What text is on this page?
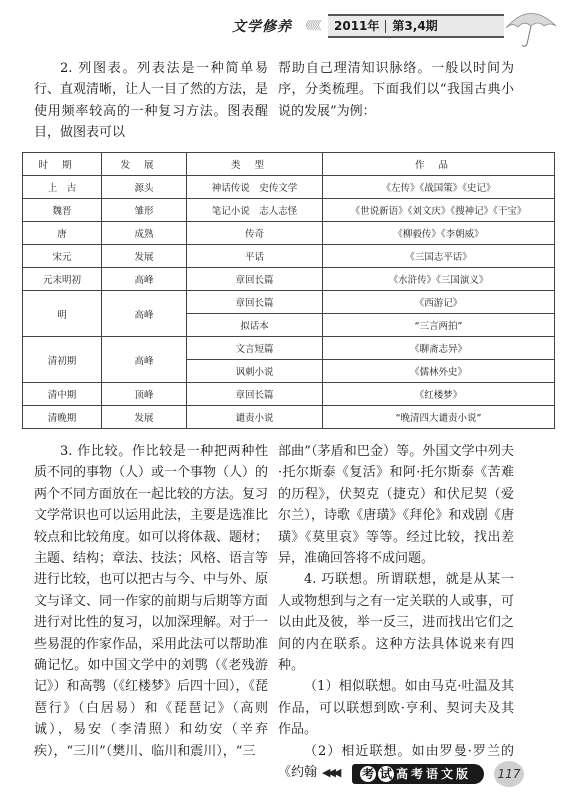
文学修养 《《《《	2011年 第3,4期

2. 列图表。列表法是一种简单易行、直观清晰，让人一目了然的方法，是使用频率较高的一种复习方法。图表醒目，做图表可以

帮助自己理清知识脉络。一般以时间为序，分类梳理。下面我们以“我国古典小说的发展”为例：

时期	发展	类型	作品
上　古	源头	神话传说　史传文学	《左传》《战国策》《史记》
魏晋	雏形	笔记小说　志人志怪	《世说新语》《刘文庆》《搜神记》《干宝》
唐	成熟	传奇	《柳毅传》《李朝威》
宋元	发展	平话	《三国志平话》
元末明初	高峰	章回长篇	《水浒传》《三国演义》
明	高峰	章回长篇	《西游记》
		拟话本	“三言两拍”
清初期	高峰	文言短篇	《聊斋志异》
		讽刺小说	《儒林外史》
清中期	顶峰	章回长篇	《红楼梦》
清晚期	发展	谴责小说	“晚清四大谴责小说”

3. 作比较。作比较是一种把两种性质不同的事物（人）或一个事物（人）的两个不同方面放在一起比较的方法。复习文学常识也可以运用此法，主要是选准比较点和比较角度。如可以将体裁、题材；主题、结构；章法、技法；风格、语言等进行比较，也可以把古与今、中与外、原文与译文、同一作家的前期与后期等方面进行对比性的复习，以加深理解。对于一些易混的作家作品，采用此法可以帮助准确记忆。如中国文学中的刘鹗（《老残游记》）和高鹗（《红楼梦》后四十回），《琵琶行》（白居易）和《琵琶记》（高则诚），易安（李清照）和幼安（辛弃疾），“三川”（樊川、临川和震川），“三

部曲”（茅盾和巴金）等。外国文学中列夫·托尔斯泰《复活》和阿·托尔斯泰《苦难的历程》，伏契克（捷克）和伏尼契（爱尔兰），诗歌《唐璜》《拜伦》和戏剧《唐璜》《莫里哀》等等。经过比较，找出差异，准确回答将不成问题。

4. 巧联想。所谓联想，就是从某一人或物想到与之有一定关联的人或事，可以由此及彼，举一反三，进而找出它们之间的内在联系。这种方法具体说来有四种。

（1）相似联想。如由马克·吐温及其作品，可以联想到欧·亨利、契诃夫及其作品。

（2）相近联想。如由罗曼·罗兰的《约翰 ◀◀◀	考 试 高考语文版	117
